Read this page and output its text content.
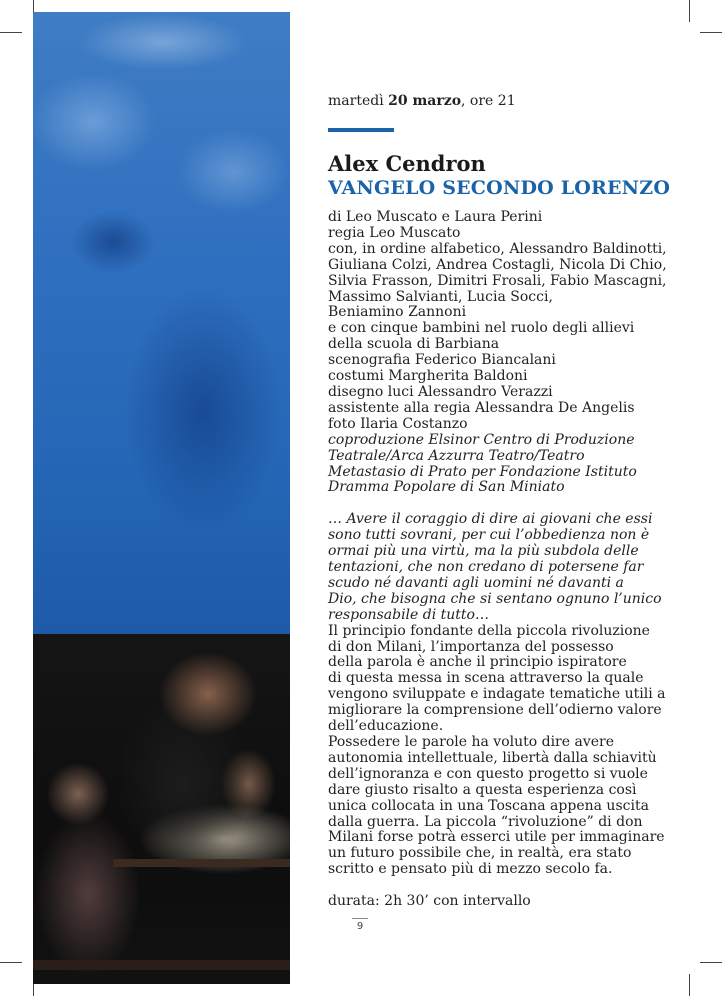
martedì 20 marzo, ore 21
Alex Cendron
VANGELO SECONDO LORENZO
di Leo Muscato e Laura Perini
regia Leo Muscato
con, in ordine alfabetico, Alessandro Baldinotti,
Giuliana Colzi, Andrea Costagli, Nicola Di Chio,
Silvia Frasson, Dimitri Frosali, Fabio Mascagni,
Massimo Salvianti, Lucia Socci,
Beniamino Zannoni
e con cinque bambini nel ruolo degli allievi
della scuola di Barbiana
scenografia Federico Biancalani
costumi Margherita Baldoni
disegno luci Alessandro Verazzi
assistente alla regia Alessandra De Angelis
foto Ilaria Costanzo
coproduzione Elsinor Centro di Produzione
Teatrale/Arca Azzurra Teatro/Teatro
Metastasio di Prato per Fondazione Istituto
Dramma Popolare di San Miniato
… Avere il coraggio di dire ai giovani che essi
sono tutti sovrani, per cui l’obbedienza non è
ormai più una virtù, ma la più subdola delle
tentazioni, che non credano di potersene far
scudo né davanti agli uomini né davanti a
Dio, che bisogna che si sentano ognuno l’unico
responsabile di tutto…
Il principio fondante della piccola rivoluzione
di don Milani, l’importanza del possesso
della parola è anche il principio ispiratore
di questa messa in scena attraverso la quale
vengono sviluppate e indagate tematiche utili a
migliorare la comprensione dell’odierno valore
dell’educazione.
Possedere le parole ha voluto dire avere
autonomia intellettuale, libertà dalla schiavitù
dell’ignoranza e con questo progetto si vuole
dare giusto risalto a questa esperienza così
unica collocata in una Toscana appena uscita
dalla guerra. La piccola “rivoluzione” di don
Milani forse potrà esserci utile per immaginare
un futuro possibile che, in realtà, era stato
scritto e pensato più di mezzo secolo fa.
durata: 2h 30’ con intervallo
9
